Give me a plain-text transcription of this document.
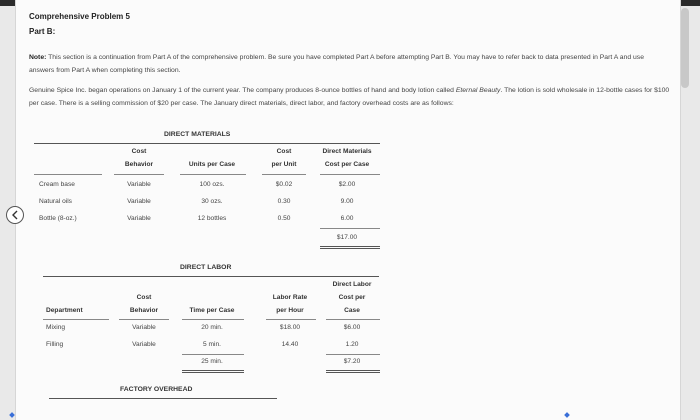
Comprehensive Problem 5
Part B:
Note: This section is a continuation from Part A of the comprehensive problem. Be sure you have completed Part A before attempting Part B. You may have to refer back to data presented in Part A and use answers from Part A when completing this section.
Genuine Spice Inc. began operations on January 1 of the current year. The company produces 8-ounce bottles of hand and body lotion called Eternal Beauty. The lotion is sold wholesale in 12-bottle cases for $100 per case. There is a selling commission of $20 per case. The January direct materials, direct labor, and factory overhead costs are as follows:
DIRECT MATERIALS
Cost
Behavior	Units per Case
Cost
per Unit
Direct Materials
Cost per Case
Cream base	Variable	100 ozs.	$0.02	$2.00
Natural oils	Variable	30 ozs.	0.30	9.00
Bottle (8-oz.)	Variable	12 bottles	0.50	6.00
$17.00
DIRECT LABOR
Direct Labor
Cost	Cost per
Labor Rate
Department	Behavior	Time per Case	per Hour	Case
Mixing	Variable	20 min.	$18.00	$6.00
Filling	Variable	5 min.	14.40	1.20
25 min.	$7.20
FACTORY OVERHEAD
